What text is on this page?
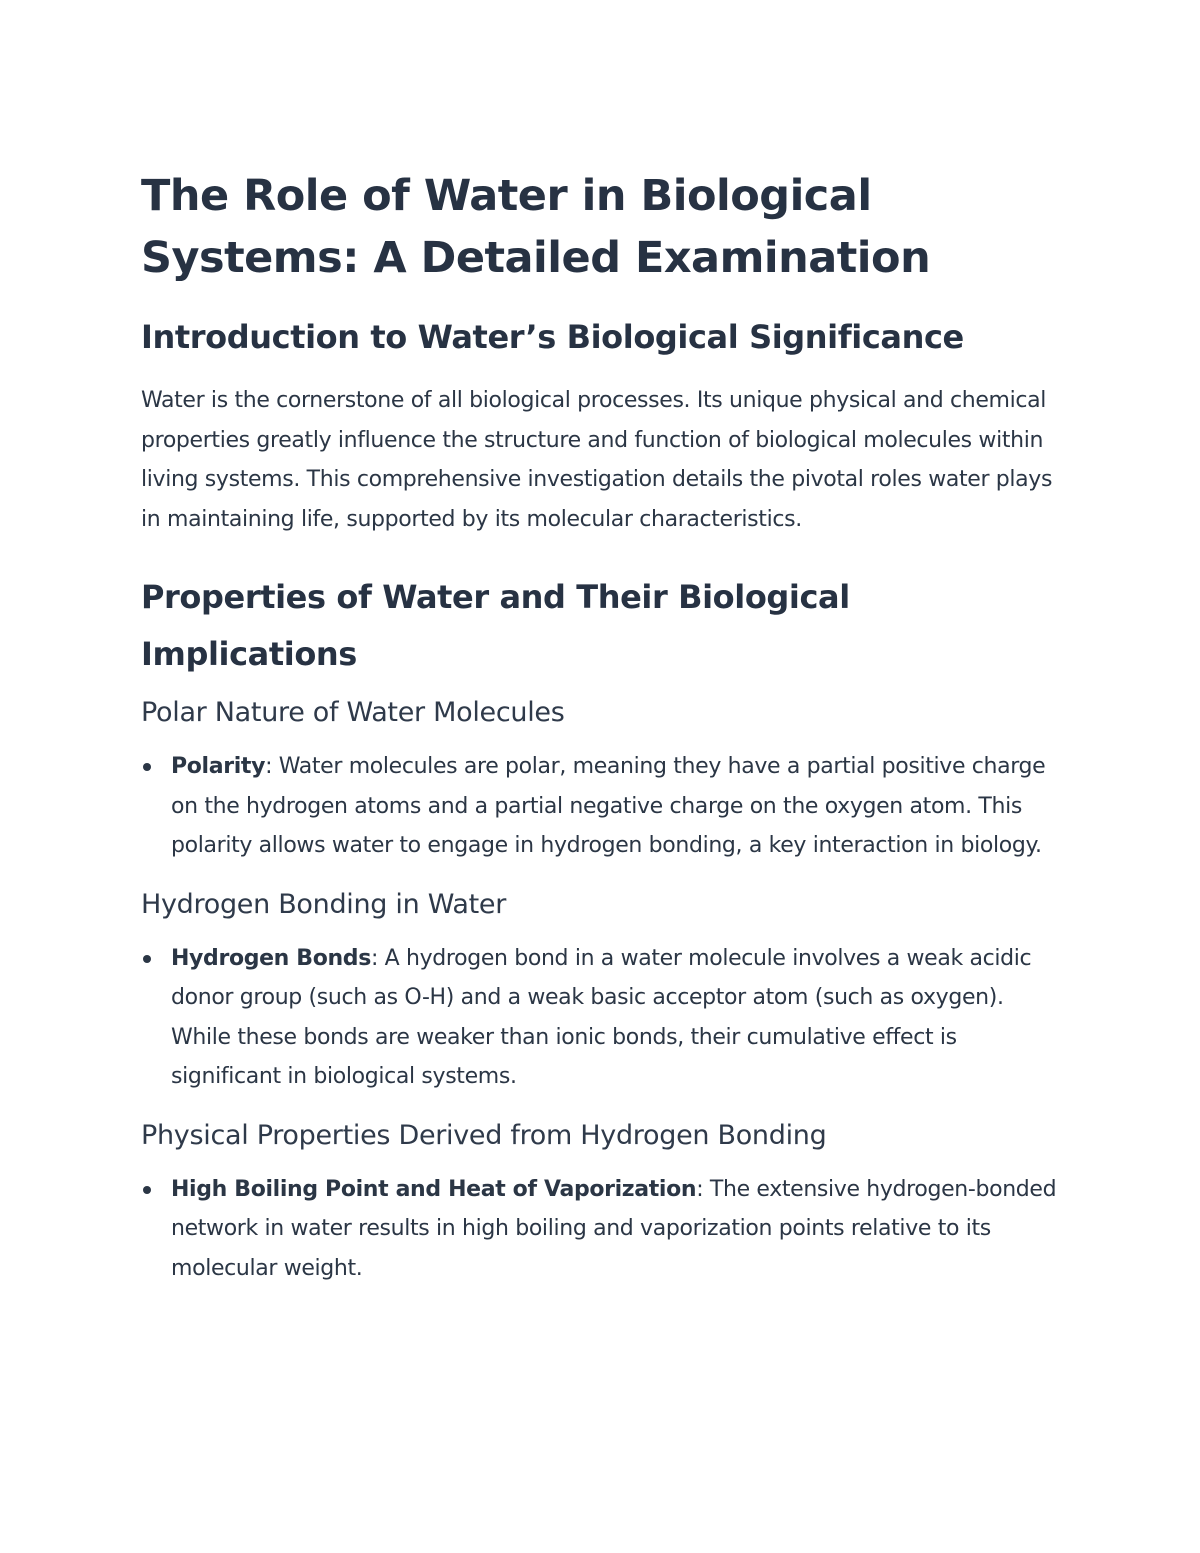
The Role of Water in Biological Systems: A Detailed Examination
Introduction to Water’s Biological Significance

Water is the cornerstone of all biological processes. Its unique physical and chemical properties greatly influence the structure and function of biological molecules within living systems. This comprehensive investigation details the pivotal roles water plays in maintaining life, supported by its molecular characteristics.

Properties of Water and Their Biological Implications
Polar Nature of Water Molecules
Polarity: Water molecules are polar, meaning they have a partial positive charge on the hydrogen atoms and a partial negative charge on the oxygen atom. This polarity allows water to engage in hydrogen bonding, a key interaction in biology.
Hydrogen Bonding in Water
Hydrogen Bonds: A hydrogen bond in a water molecule involves a weak acidic donor group (such as O-H) and a weak basic acceptor atom (such as oxygen). While these bonds are weaker than ionic bonds, their cumulative effect is significant in biological systems.
Physical Properties Derived from Hydrogen Bonding
High Boiling Point and Heat of Vaporization: The extensive hydrogen-bonded network in water results in high boiling and vaporization points relative to its molecular weight.
